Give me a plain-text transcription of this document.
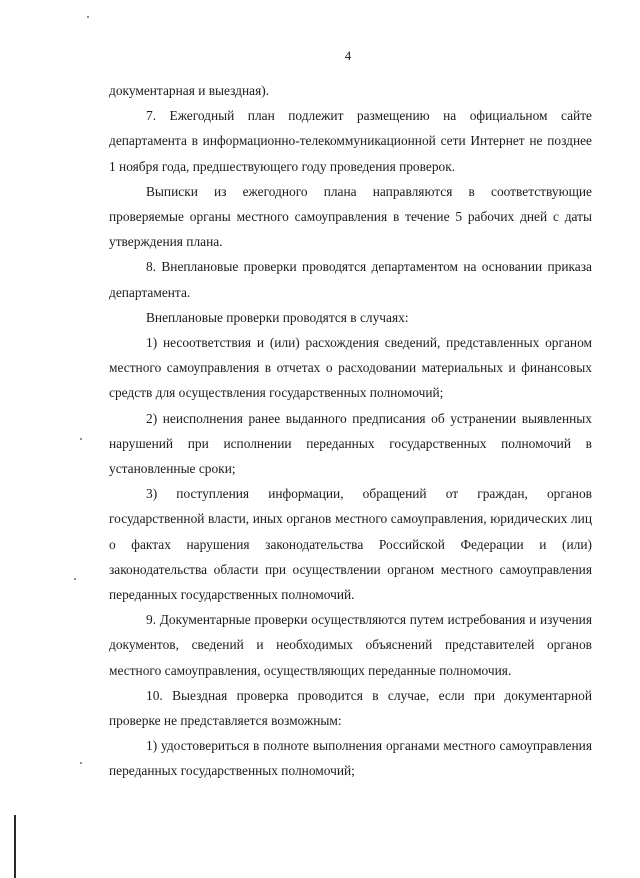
4

документарная и выездная).

7. Ежегодный план подлежит размещению на официальном сайте департамента в информационно-телекоммуникационной сети Интернет не позднее 1 ноября года, предшествующего году проведения проверок.

Выписки из ежегодного плана направляются в соответствующие проверяемые органы местного самоуправления в течение 5 рабочих дней с даты утверждения плана.

8. Внеплановые проверки проводятся департаментом на основании приказа департамента.

Внеплановые проверки проводятся в случаях:

1) несоответствия и (или) расхождения сведений, представленных органом местного самоуправления в отчетах о расходовании материальных и финансовых средств для осуществления государственных полномочий;

2) неисполнения ранее выданного предписания об устранении выявленных нарушений при исполнении переданных государственных полномочий в установленные сроки;

3) поступления информации, обращений от граждан, органов государственной власти, иных органов местного самоуправления, юридических лиц о фактах нарушения законодательства Российской Федерации и (или) законодательства области при осуществлении органом местного самоуправления переданных государственных полномочий.

9. Документарные проверки осуществляются путем истребования и изучения документов, сведений и необходимых объяснений представителей органов местного самоуправления, осуществляющих переданные полномочия.

10. Выездная проверка проводится в случае, если при документарной проверке не представляется возможным:

1) удостовериться в полноте выполнения органами местного самоуправления переданных государственных полномочий;
